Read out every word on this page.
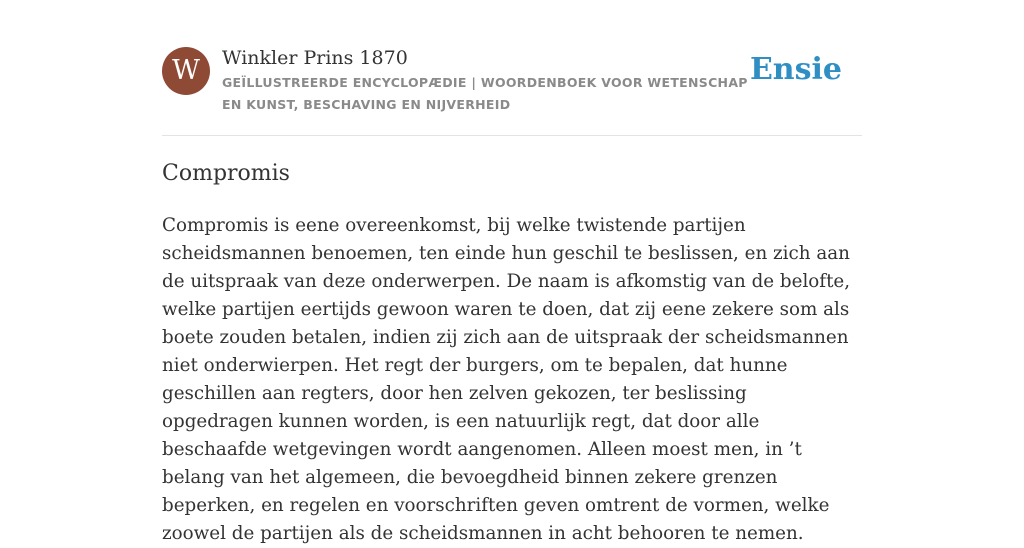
W	Winkler Prins 1870
GEÏLLUSTREERDE ENCYCLOPÆDIE | WOORDENBOEK VOOR WETENSCHAP EN KUNST, BESCHAVING EN NIJVERHEID
Ensie
Compromis

Compromis is eene overeenkomst, bij welke twistende partijen scheidsmannen benoemen, ten einde hun geschil te beslissen, en zich aan de uitspraak van deze onderwerpen. De naam is afkomstig van de belofte, welke partijen eertijds gewoon waren te doen, dat zij eene zekere som als boete zouden betalen, indien zij zich aan de uitspraak der scheidsmannen niet onderwierpen. Het regt der burgers, om te bepalen, dat hunne geschillen aan regters, door hen zelven gekozen, ter beslissing opgedragen kunnen worden, is een natuurlijk regt, dat door alle beschaafde wetgevingen wordt aangenomen. Alleen moest men, in ’t belang van het algemeen, die bevoegdheid binnen zekere grenzen beperken, en regelen en voorschriften geven omtrent de vormen, welke zoowel de partijen als de scheidsmannen in acht behooren te nemen.
